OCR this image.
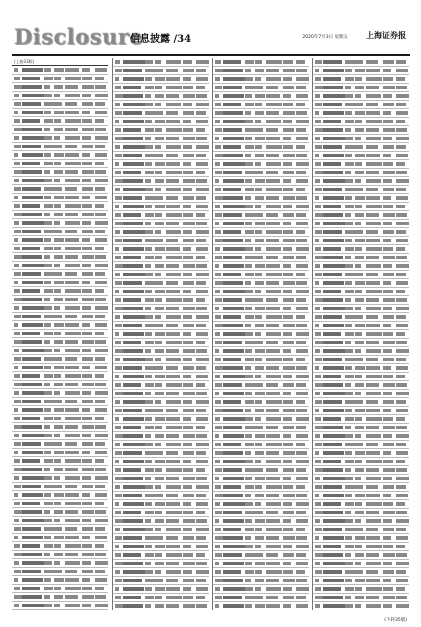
Disclosure
信息披露 /34	2020年7月3日 星期五 上海证券报
(上接33版)
(下转35版)
